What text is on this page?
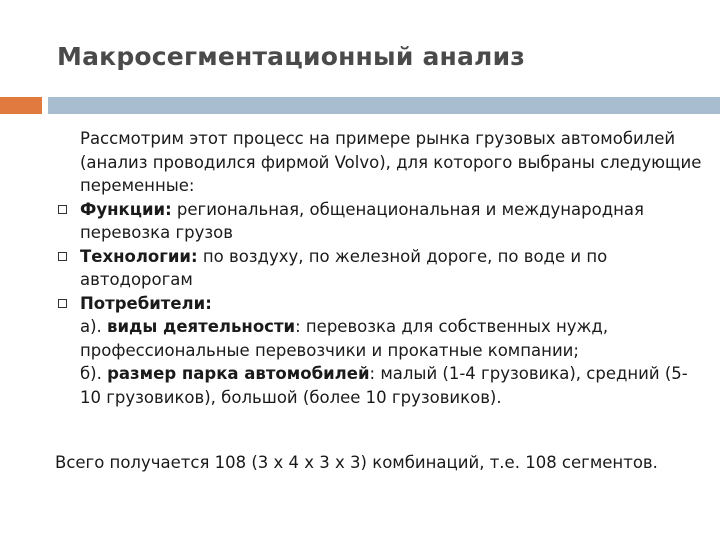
Макросегментационный анализ
Рассмотрим этот процесс на примере рынка грузовых автомобилей (анализ проводился фирмой Volvo), для которого выбраны следующие переменные:
Функции: региональная, общенациональная и международная перевозка грузов
Технологии: по воздуху, по железной дороге, по воде и по автодорогам
Потребители:
а). виды деятельности: перевозка для собственных нужд, профессиональные перевозчики и прокатные компании;
б). размер парка автомобилей: малый (1-4 грузовика), средний (5-10 грузовиков), большой (более 10 грузовиков).
Всего получается 108 (3 х 4 х 3 х 3) комбинаций, т.е. 108 сегментов.
